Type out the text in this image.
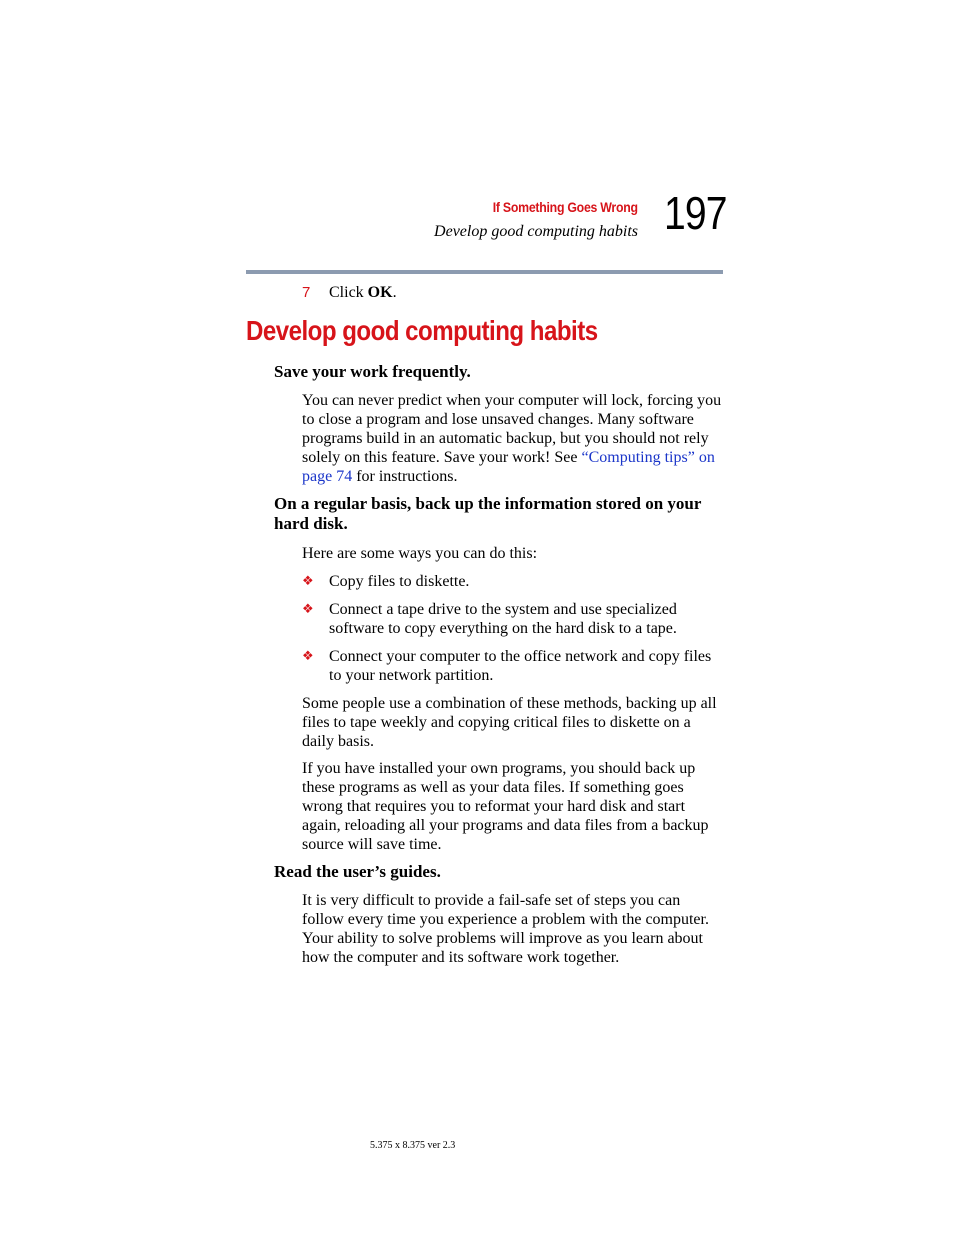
If Something Goes Wrong
Develop good computing habits 197
7 Click OK.
Develop good computing habits
Save your work frequently.
You can never predict when your computer will lock, forcing you to close a program and lose unsaved changes. Many software programs build in an automatic backup, but you should not rely solely on this feature. Save your work! See “Computing tips” on page 74 for instructions.
On a regular basis, back up the information stored on your hard disk.
Here are some ways you can do this:
❖ Copy files to diskette.
❖ Connect a tape drive to the system and use specialized software to copy everything on the hard disk to a tape.
❖ Connect your computer to the office network and copy files to your network partition.
Some people use a combination of these methods, backing up all files to tape weekly and copying critical files to diskette on a daily basis.
If you have installed your own programs, you should back up these programs as well as your data files. If something goes wrong that requires you to reformat your hard disk and start again, reloading all your programs and data files from a backup source will save time.
Read the user’s guides.
It is very difficult to provide a fail-safe set of steps you can follow every time you experience a problem with the computer. Your ability to solve problems will improve as you learn about how the computer and its software work together.
5.375 x 8.375 ver 2.3
